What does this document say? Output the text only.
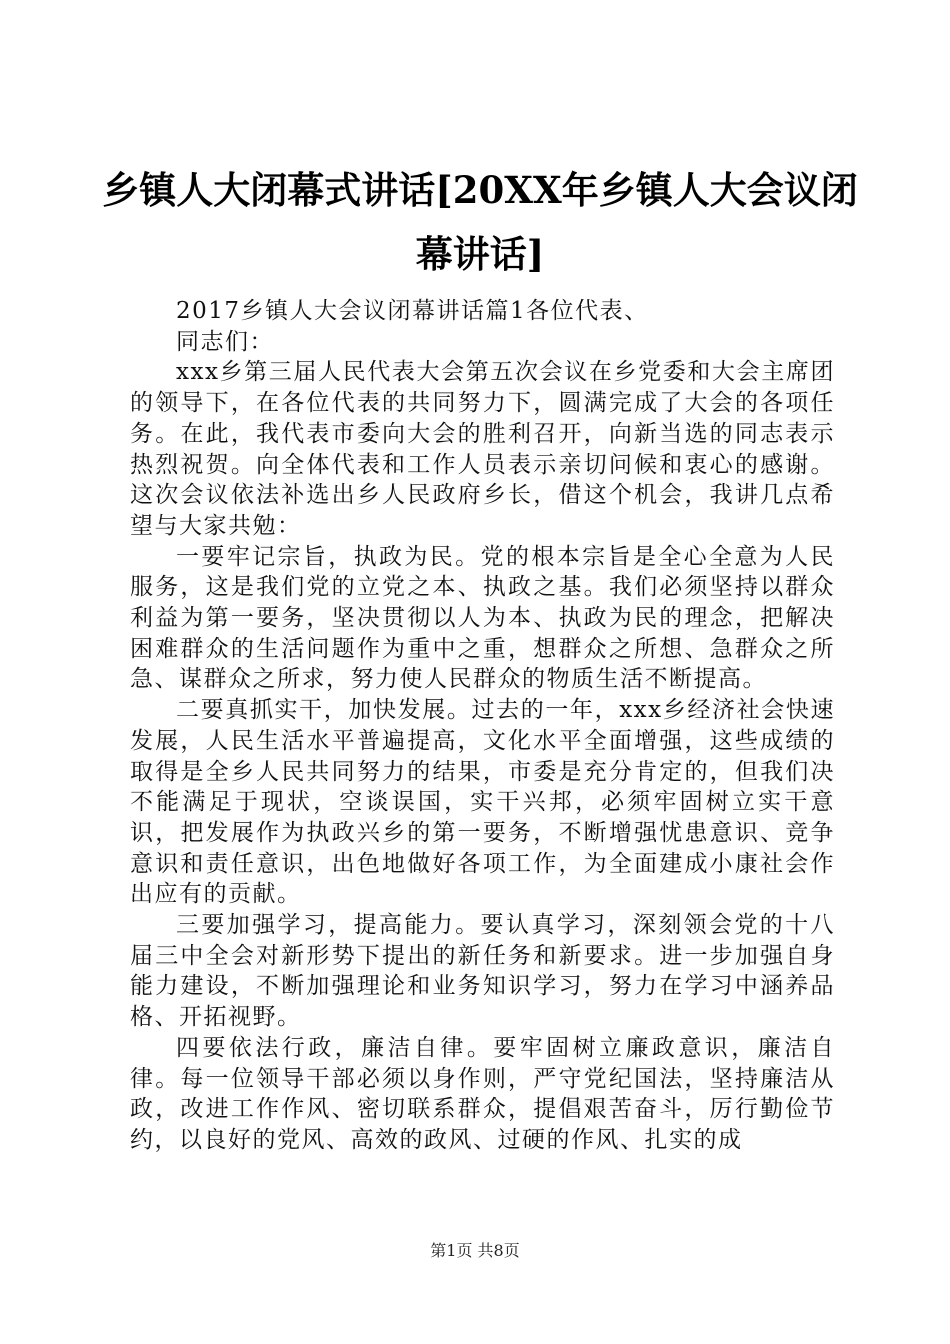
乡镇人大闭幕式讲话[20XX年乡镇人大会议闭
幕讲话]

2017乡镇人大会议闭幕讲话篇1各位代表、

同志们：

xxx乡第三届人民代表大会第五次会议在乡党委和大会主席团的领导下，在各位代表的共同努力下，圆满完成了大会的各项任务。在此，我代表市委向大会的胜利召开，向新当选的同志表示热烈祝贺。向全体代表和工作人员表示亲切问候和衷心的感谢。这次会议依法补选出乡人民政府乡长，借这个机会，我讲几点希望与大家共勉：

一要牢记宗旨，执政为民。党的根本宗旨是全心全意为人民服务，这是我们党的立党之本、执政之基。我们必须坚持以群众利益为第一要务，坚决贯彻以人为本、执政为民的理念，把解决困难群众的生活问题作为重中之重，想群众之所想、急群众之所急、谋群众之所求，努力使人民群众的物质生活不断提高。

二要真抓实干，加快发展。过去的一年，xxx乡经济社会快速发展，人民生活水平普遍提高，文化水平全面增强，这些成绩的取得是全乡人民共同努力的结果，市委是充分肯定的，但我们决不能满足于现状，空谈误国，实干兴邦，必须牢固树立实干意识，把发展作为执政兴乡的第一要务，不断增强忧患意识、竞争意识和责任意识，出色地做好各项工作，为全面建成小康社会作出应有的贡献。

三要加强学习，提高能力。要认真学习，深刻领会党的十八届三中全会对新形势下提出的新任务和新要求。进一步加强自身能力建设，不断加强理论和业务知识学习，努力在学习中涵养品格、开拓视野。

四要依法行政，廉洁自律。要牢固树立廉政意识，廉洁自律。每一位领导干部必须以身作则，严守党纪国法，坚持廉洁从政，改进工作作风、密切联系群众，提倡艰苦奋斗，厉行勤俭节约，以良好的党风、高效的政风、过硬的作风、扎实的成

第1页 共8页
